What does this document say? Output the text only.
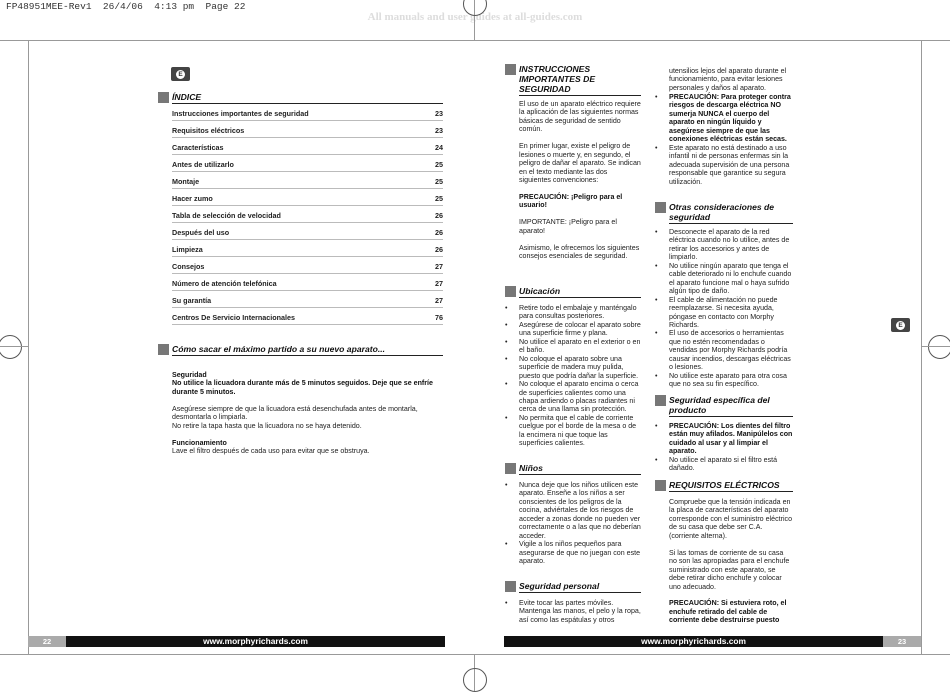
FP48951MEE-Rev1  26/4/06  4:13 pm  Page 22
All manuals and user guides at all-guides.com
E
ÍNDICE
Instrucciones importantes de seguridad	23
Requisitos eléctricos	23
Características	24
Antes de utilizarlo	25
Montaje	25
Hacer zumo	25
Tabla de selección de velocidad	26
Después del uso	26
Limpieza	26
Consejos	27
Número de atención telefónica	27
Su garantía	27
Centros De Servicio Internacionales	76
Cómo sacar el máximo partido a su nuevo aparato...
Seguridad

No utilice la licuadora durante más de 5 minutos seguidos. Deje que se enfríe durante 5 minutos.

Asegúrese siempre de que la licuadora está desenchufada antes de montarla, desmontarla o limpiarla.

No retire la tapa hasta que la licuadora no se haya detenido.

Funcionamiento
Lave el filtro después de cada uso para evitar que se obstruya.
22	www.morphyrichards.com
INSTRUCCIONES IMPORTANTES DE SEGURIDAD

El uso de un aparato eléctrico requiere la aplicación de las siguientes normas básicas de seguridad de sentido común.

En primer lugar, existe el peligro de lesiones o muerte y, en segundo, el peligro de dañar el aparato. Se indican en el texto mediante las dos siguientes convenciones:

PRECAUCIÓN: ¡Peligro para el usuario!

IMPORTANTE: ¡Peligro para el aparato!

Asimismo, le ofrecemos los siguientes consejos esenciales de seguridad.

Ubicación
• Retire todo el embalaje y manténgalo para consultas posteriores.
• Asegúrese de colocar el aparato sobre una superficie firme y plana.
• No utilice el aparato en el exterior o en el baño.
• No coloque el aparato sobre una superficie de madera muy pulida, puesto que podría dañar la superficie.
• No coloque el aparato encima o cerca de superficies calientes como una chapa ardiendo o placas radiantes ni cerca de una llama sin protección.
• No permita que el cable de corriente cuelgue por el borde de la mesa o de la encimera ni que toque las superficies calientes.
Niños
• Nunca deje que los niños utilicen este aparato. Enseñe a los niños a ser conscientes de los peligros de la cocina, adviértales de los riesgos de acceder a zonas donde no pueden ver correctamente o a las que no deberían acceder.
• Vigile a los niños pequeños para asegurarse de que no juegan con este aparato.
Seguridad personal
• Evite tocar las partes móviles. Mantenga las manos, el pelo y la ropa, así como las espátulas y otros
utensilios lejos del aparato durante el funcionamiento, para evitar lesiones personales y daños al aparato.
• PRECAUCIÓN: Para proteger contra riesgos de descarga eléctrica NO sumerja NUNCA el cuerpo del aparato en ningún líquido y asegúrese siempre de que las conexiones eléctricas están secas.
• Este aparato no está destinado a uso infantil ni de personas enfermas sin la adecuada supervisión de una persona responsable que garantice su segura utilización.
Otras consideraciones de seguridad
• Desconecte el aparato de la red eléctrica cuando no lo utilice, antes de retirar los accesorios y antes de limpiarlo.
• No utilice ningún aparato que tenga el cable deteriorado ni lo enchufe cuando el aparato funcione mal o haya sufrido algún tipo de daño.
• El cable de alimentación no puede reemplazarse. Si necesita ayuda, póngase en contacto con Morphy Richards.
• El uso de accesorios o herramientas que no estén recomendadas o vendidas por Morphy Richards podría causar incendios, descargas eléctricas o lesiones.
• No utilice este aparato para otra cosa que no sea su fin específico.
Seguridad específica del producto
• PRECAUCIÓN: Los dientes del filtro están muy afilados. Manipúlelos con cuidado al usar y al limpiar el aparato.
• No utilice el aparato si el filtro está dañado.
REQUISITOS ELÉCTRICOS

Compruebe que la tensión indicada en la placa de características del aparato corresponde con el suministro eléctrico de su casa que debe ser C.A. (corriente alterna).

Si las tomas de corriente de su casa no son las apropiadas para el enchufe suministrado con este aparato, se debe retirar dicho enchufe y colocar uno adecuado.

PRECAUCIÓN: Si estuviera roto, el enchufe retirado del cable de corriente debe destruirse puesto

E
www.morphyrichards.com	23
